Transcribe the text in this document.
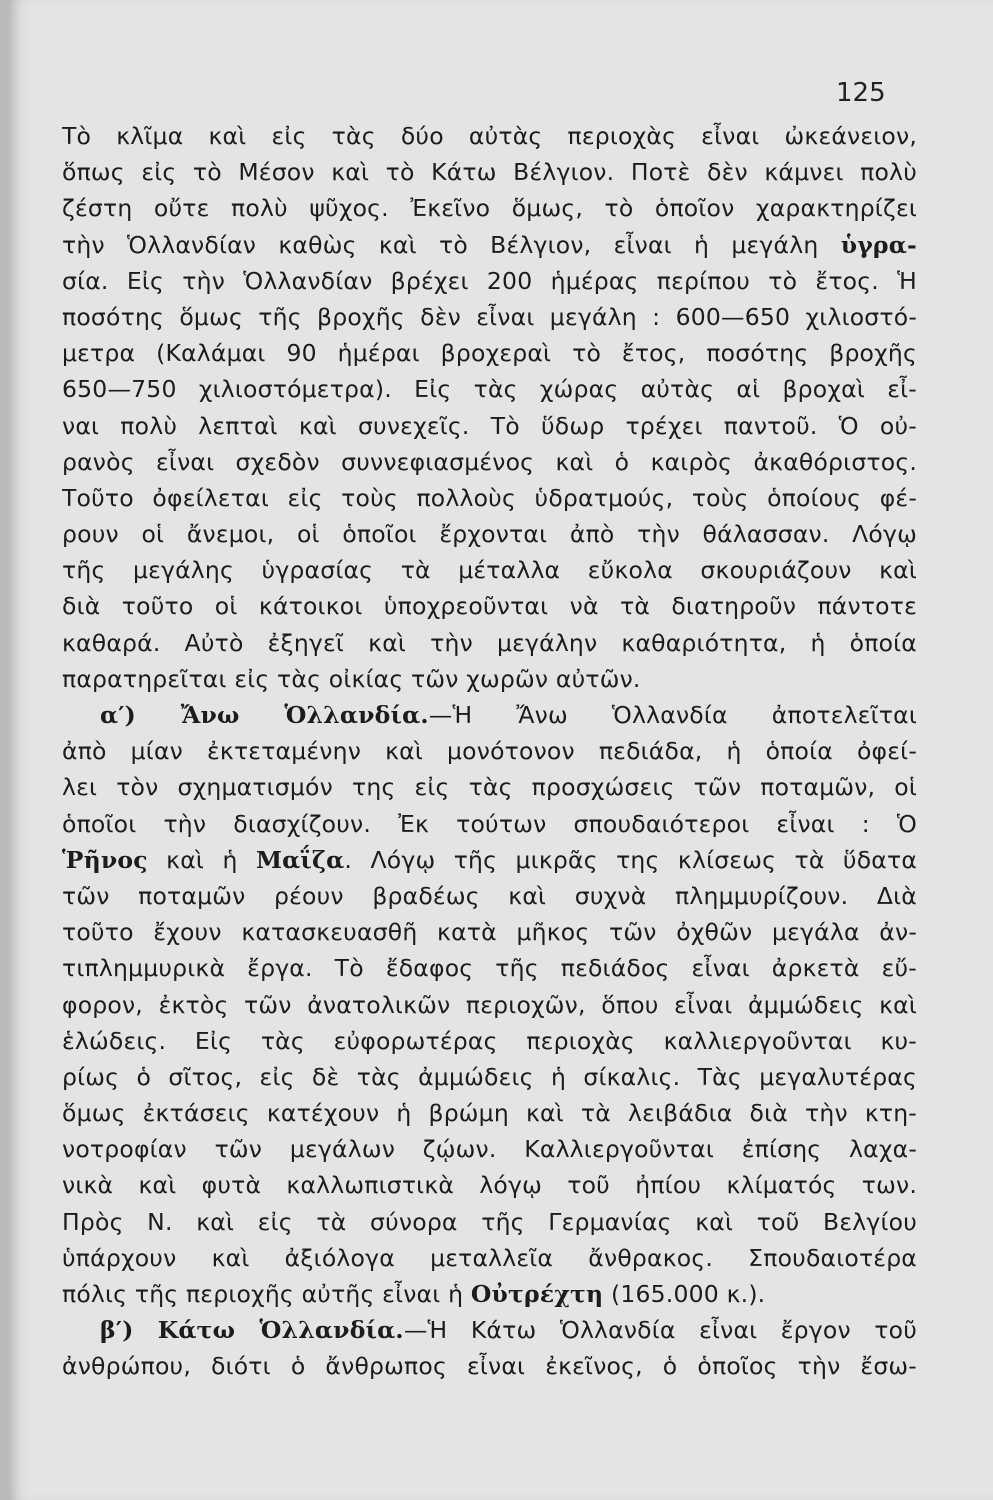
125
Τὸ κλῖμα καὶ εἰς τὰς δύο αὐτὰς περιοχὰς εἶναι ὠκεάνειον,
ὅπως εἰς τὸ Μέσον καὶ τὸ Κάτω Βέλγιον. Ποτὲ δὲν κάμνει πολὺ
ζέστη οὔτε πολὺ ψῦχος. Ἐκεῖνο ὅμως, τὸ ὁποῖον χαρακτηρίζει
τὴν Ὁλλανδίαν καθὼς καὶ τὸ Βέλγιον, εἶναι ἡ μεγάλη ὑγρα-
σία. Εἰς τὴν Ὁλλανδίαν βρέχει 200 ἡμέρας περίπου τὸ ἔτος. Ἡ
ποσότης ὅμως τῆς βροχῆς δὲν εἶναι μεγάλη : 600—650 χιλιοστό-
μετρα (Καλάμαι 90 ἡμέραι βροχεραὶ τὸ ἔτος, ποσότης βροχῆς
650—750 χιλιοστόμετρα). Εἰς τὰς χώρας αὐτὰς αἱ βροχαὶ εἶ-
ναι πολὺ λεπταὶ καὶ συνεχεῖς. Τὸ ὕδωρ τρέχει παντοῦ. Ὁ οὐ-
ρανὸς εἶναι σχεδὸν συννεφιασμένος καὶ ὁ καιρὸς ἀκαθόριστος.
Τοῦτο ὀφείλεται εἰς τοὺς πολλοὺς ὑδρατμούς, τοὺς ὁποίους φέ-
ρουν οἱ ἄνεμοι, οἱ ὁποῖοι ἔρχονται ἀπὸ τὴν θάλασσαν. Λόγῳ
τῆς μεγάλης ὑγρασίας τὰ μέταλλα εὔκολα σκουριάζουν καὶ
διὰ τοῦτο οἱ κάτοικοι ὑποχρεοῦνται νὰ τὰ διατηροῦν πάντοτε
καθαρά. Αὐτὸ ἐξηγεῖ καὶ τὴν μεγάλην καθαριότητα, ἡ ὁποία
παρατηρεῖται εἰς τὰς οἰκίας τῶν χωρῶν αὐτῶν.
α′) Ἄνω Ὁλλανδία.—Ἡ Ἄνω Ὁλλανδία ἀποτελεῖται
ἀπὸ μίαν ἐκτεταμένην καὶ μονότονον πεδιάδα, ἡ ὁποία ὀφεί-
λει τὸν σχηματισμόν της εἰς τὰς προσχώσεις τῶν ποταμῶν, οἱ
ὁποῖοι τὴν διασχίζουν. Ἐκ τούτων σπουδαιότεροι εἶναι : Ὁ
Ῥῆνος καὶ ἡ Μαΐζα. Λόγῳ τῆς μικρᾶς της κλίσεως τὰ ὕδατα
τῶν ποταμῶν ρέουν βραδέως καὶ συχνὰ πλημμυρίζουν. Διὰ
τοῦτο ἔχουν κατασκευασθῆ κατὰ μῆκος τῶν ὀχθῶν μεγάλα ἀν-
τιπλημμυρικὰ ἔργα. Τὸ ἔδαφος τῆς πεδιάδος εἶναι ἀρκετὰ εὔ-
φορον, ἐκτὸς τῶν ἀνατολικῶν περιοχῶν, ὅπου εἶναι ἀμμώδεις καὶ
ἑλώδεις. Εἰς τὰς εὐφορωτέρας περιοχὰς καλλιεργοῦνται κυ-
ρίως ὁ σῖτος, εἰς δὲ τὰς ἀμμώδεις ἡ σίκαλις. Τὰς μεγαλυτέρας
ὅμως ἐκτάσεις κατέχουν ἡ βρώμη καὶ τὰ λειβάδια διὰ τὴν κτη-
νοτροφίαν τῶν μεγάλων ζῴων. Καλλιεργοῦνται ἐπίσης λαχα-
νικὰ καὶ φυτὰ καλλωπιστικὰ λόγῳ τοῦ ἠπίου κλίματός των.
Πρὸς Ν. καὶ εἰς τὰ σύνορα τῆς Γερμανίας καὶ τοῦ Βελγίου
ὑπάρχουν καὶ ἀξιόλογα μεταλλεῖα ἄνθρακος. Σπουδαιοτέρα
πόλις τῆς περιοχῆς αὐτῆς εἶναι ἡ Οὐτρέχτη (165.000 κ.).
β′) Κάτω Ὁλλανδία.—Ἡ Κάτω Ὁλλανδία εἶναι ἔργον τοῦ
ἀνθρώπου, διότι ὁ ἄνθρωπος εἶναι ἐκεῖνος, ὁ ὁποῖος τὴν ἔσω-
